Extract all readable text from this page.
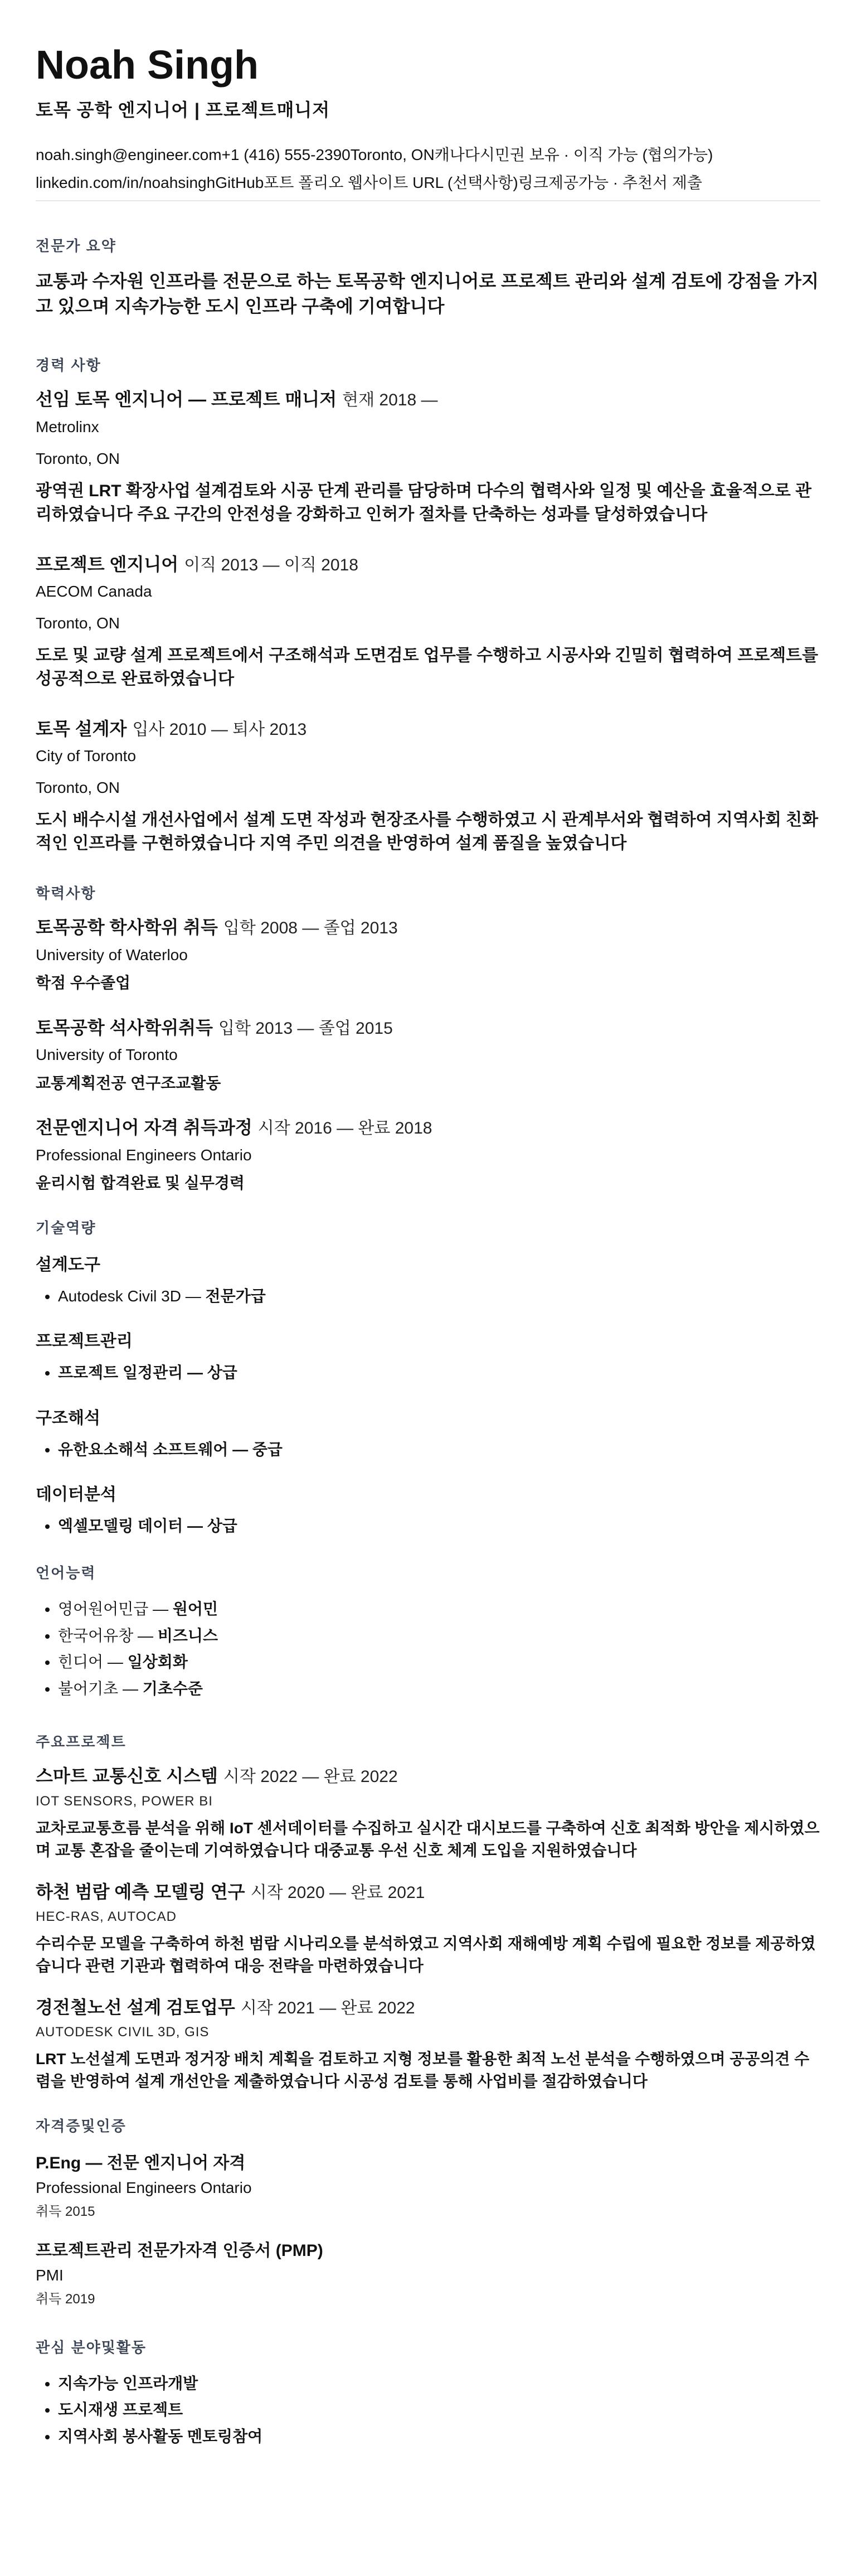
Noah Singh
토목 공학 엔지니어 | 프로젝트매니저
noah.singh@engineer.com+1 (416) 555-2390Toronto, ON캐나다시민권 보유 · 이직 가능 (협의가능)
linkedin.com/in/noahsinghGitHub포트 폴리오 웹사이트 URL (선택사항)링크제공가능 · 추천서 제출
전문가 요약

교통과 수자원 인프라를 전문으로 하는 토목공학 엔지니어로 프로젝트 관리와 설계 검토에 강점을 가지고 있으며 지속가능한 도시 인프라 구축에 기여합니다

경력 사항
선임 토목 엔지니어 — 프로젝트 매니저 현재 2018 —
Metrolinx
Toronto, ON
광역권 LRT 확장사업 설계검토와 시공 단계 관리를 담당하며 다수의 협력사와 일정 및 예산을 효율적으로 관리하였습니다 주요 구간의 안전성을 강화하고 인허가 절차를 단축하는 성과를 달성하였습니다
프로젝트 엔지니어 이직 2013 — 이직 2018
AECOM Canada
Toronto, ON
도로 및 교량 설계 프로젝트에서 구조해석과 도면검토 업무를 수행하고 시공사와 긴밀히 협력하여 프로젝트를 성공적으로 완료하였습니다
토목 설계자 입사 2010 — 퇴사 2013
City of Toronto
Toronto, ON
도시 배수시설 개선사업에서 설계 도면 작성과 현장조사를 수행하였고 시 관계부서와 협력하여 지역사회 친화적인 인프라를 구현하였습니다 지역 주민 의견을 반영하여 설계 품질을 높였습니다
학력사항
토목공학 학사학위 취득 입학 2008 — 졸업 2013
University of Waterloo
학점 우수졸업
토목공학 석사학위취득 입학 2013 — 졸업 2015
University of Toronto
교통계획전공 연구조교활동
전문엔지니어 자격 취득과정 시작 2016 — 완료 2018
Professional Engineers Ontario
윤리시험 합격완료 및 실무경력
기술역량
설계도구
• Autodesk Civil 3D — 전문가급
프로젝트관리
• 프로젝트 일정관리 — 상급
구조해석
• 유한요소해석 소프트웨어 — 중급
데이터분석
• 엑셀모델링 데이터 — 상급
언어능력
• 영어원어민급 — 원어민
• 한국어유창 — 비즈니스
• 힌디어 — 일상회화
• 불어기초 — 기초수준
주요프로젝트
스마트 교통신호 시스템 시작 2022 — 완료 2022
IOT SENSORS, POWER BI
교차로교통흐름 분석을 위해 IoT 센서데이터를 수집하고 실시간 대시보드를 구축하여 신호 최적화 방안을 제시하였으며 교통 혼잡을 줄이는데 기여하였습니다 대중교통 우선 신호 체계 도입을 지원하였습니다
하천 범람 예측 모델링 연구 시작 2020 — 완료 2021
HEC-RAS, AUTOCAD
수리수문 모델을 구축하여 하천 범람 시나리오를 분석하였고 지역사회 재해예방 계획 수립에 필요한 정보를 제공하였습니다 관련 기관과 협력하여 대응 전략을 마련하였습니다
경전철노선 설계 검토업무 시작 2021 — 완료 2022
AUTODESK CIVIL 3D, GIS
LRT 노선설계 도면과 정거장 배치 계획을 검토하고 지형 정보를 활용한 최적 노선 분석을 수행하였으며 공공의견 수렴을 반영하여 설계 개선안을 제출하였습니다 시공성 검토를 통해 사업비를 절감하였습니다
자격증및인증
P.Eng — 전문 엔지니어 자격
Professional Engineers Ontario
취득 2015
프로젝트관리 전문가자격 인증서 (PMP)
PMI
취득 2019
관심 분야및활동
• 지속가능 인프라개발
• 도시재생 프로젝트
• 지역사회 봉사활동 멘토링참여
